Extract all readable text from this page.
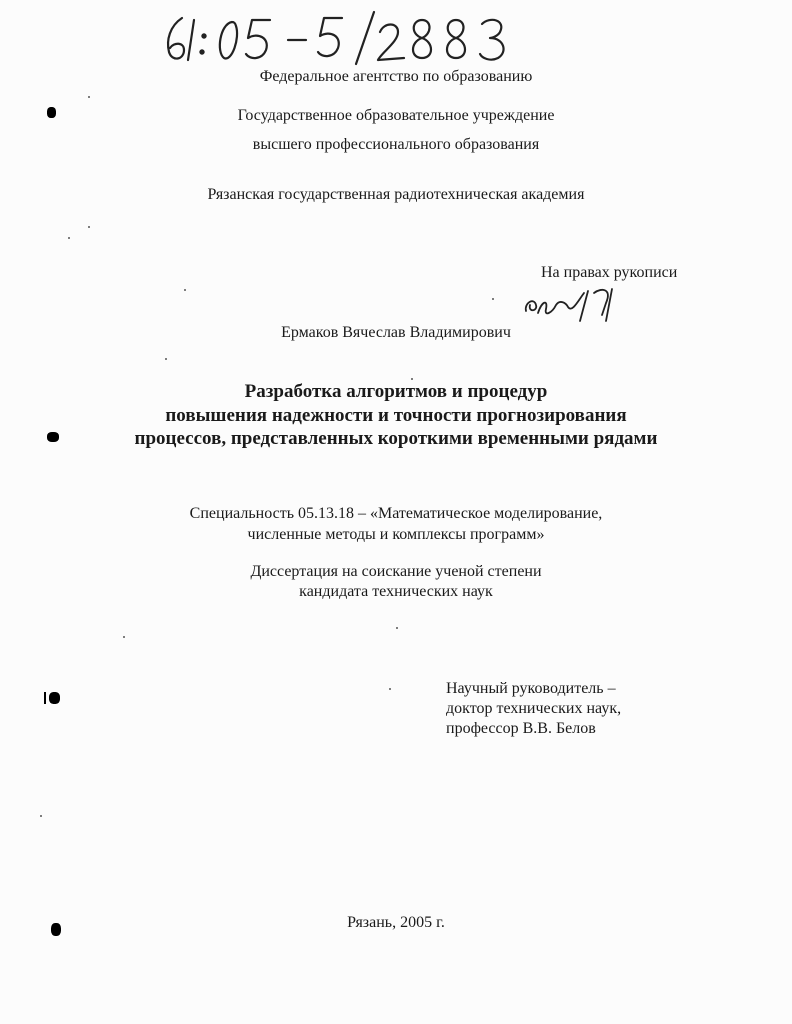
Федеральное агентство по образованию
Государственное образовательное учреждение
высшего профессионального образования
Рязанская государственная радиотехническая академия
На правах рукописи
Ермаков Вячеслав Владимирович
Разработка алгоритмов и процедур
повышения надежности и точности прогнозирования
процессов, представленных короткими временными рядами
Специальность 05.13.18 – «Математическое моделирование,
численные методы и комплексы программ»
Диссертация на соискание ученой степени
кандидата технических наук
Научный руководитель –
доктор технических наук,
профессор В.В. Белов
Рязань, 2005 г.
